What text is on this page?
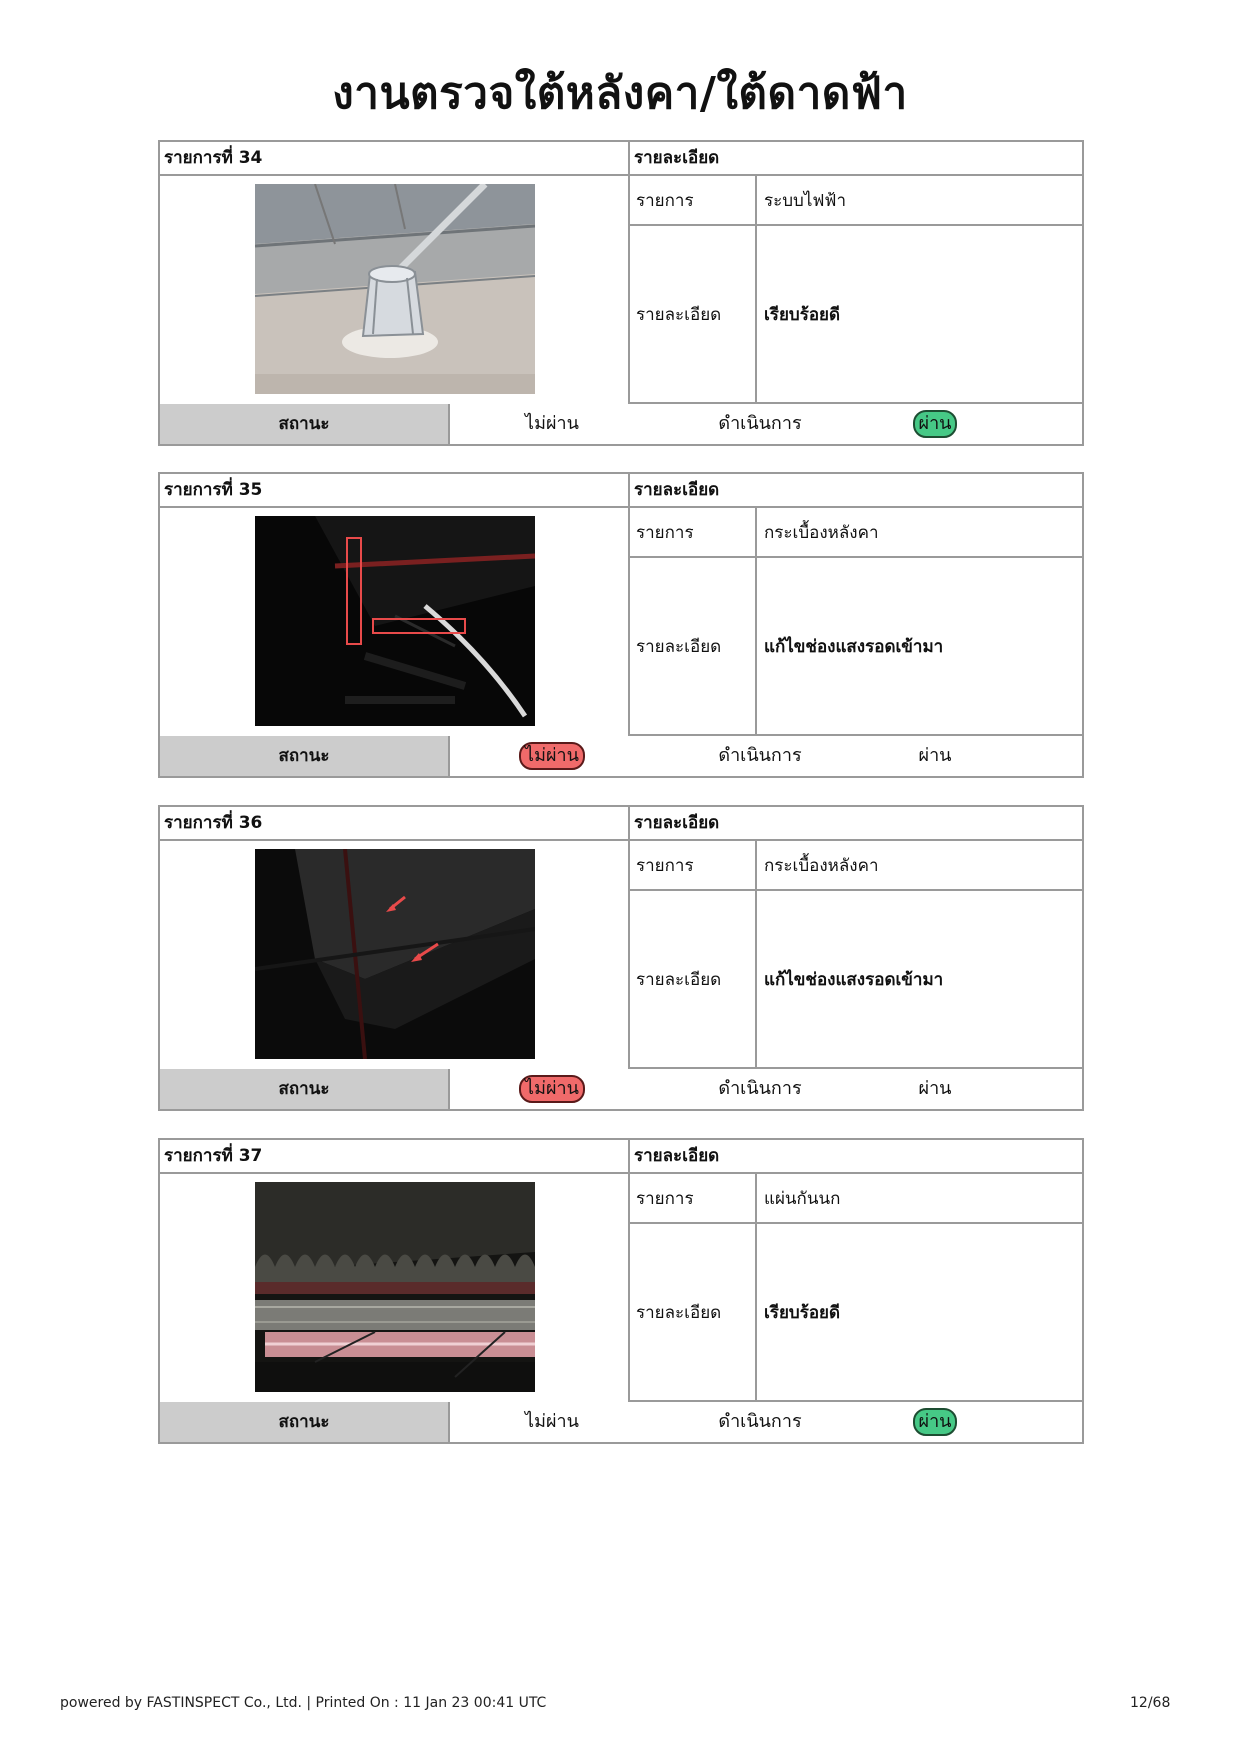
งานตรวจใต้หลังคา/ใต้ดาดฟ้า
รายการที่ 34	รายละเอียด
รายการ	ระบบไฟฟ้า
รายละเอียด	เรียบร้อยดี
สถานะ	ไม่ผ่าน	ดำเนินการ	ผ่าน
รายการที่ 35	รายละเอียด
รายการ	กระเบื้องหลังคา
รายละเอียด	แก้ไขช่องแสงรอดเข้ามา
สถานะ	ไม่ผ่าน	ดำเนินการ	ผ่าน
รายการที่ 36	รายละเอียด
รายการ	กระเบื้องหลังคา
รายละเอียด	แก้ไขช่องแสงรอดเข้ามา
สถานะ	ไม่ผ่าน	ดำเนินการ	ผ่าน
รายการที่ 37	รายละเอียด
รายการ	แผ่นกันนก
รายละเอียด	เรียบร้อยดี
สถานะ	ไม่ผ่าน	ดำเนินการ	ผ่าน
powered by FASTINSPECT Co., Ltd. | Printed On : 11 Jan 23 00:41 UTC	12/68
